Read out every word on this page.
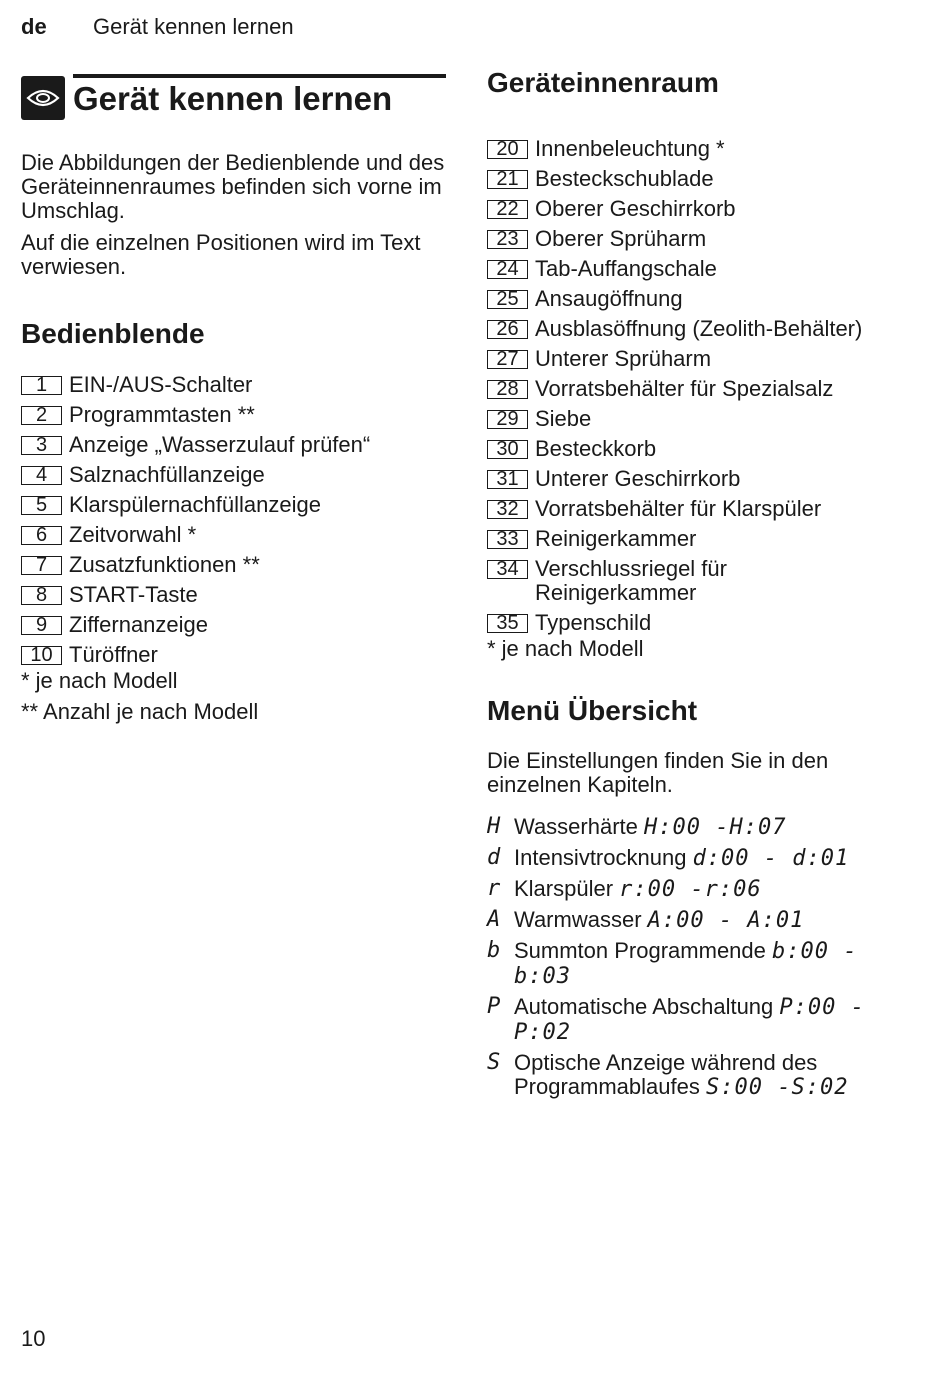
de Gerät kennen lernen
Gerät kennen lernen

Die Abbildungen der Bedienblende und des Geräteinnenraumes befinden sich vorne im Umschlag.

Auf die einzelnen Positionen wird im Text verwiesen.

Bedienblende
1 EIN-/AUS-Schalter
2 Programmtasten **
3 Anzeige „Wasserzulauf prüfen“
4 Salznachfüllanzeige
5 Klarspülernachfüllanzeige
6 Zeitvorwahl *
7 Zusatzfunktionen **
8 START-Taste
9 Ziffernanzeige
10 Türöffner
* je nach Modell
** Anzahl je nach Modell
Geräteinnenraum
20 Innenbeleuchtung *
21 Besteckschublade
22 Oberer Geschirrkorb
23 Oberer Sprüharm
24 Tab-Auffangschale
25 Ansaugöffnung
26 Ausblasöffnung (Zeolith-Behälter)
27 Unterer Sprüharm
28 Vorratsbehälter für Spezialsalz
29 Siebe
30 Besteckkorb
31 Unterer Geschirrkorb
32 Vorratsbehälter für Klarspüler
33 Reinigerkammer
34 Verschlussriegel für Reinigerkammer
35 Typenschild
* je nach Modell
Menü Übersicht

Die Einstellungen finden Sie in den einzelnen Kapiteln.

H Wasserhärte H:00 -H:07
d Intensivtrocknung d:00 - d:01
r Klarspüler r:00 -r:06
A Warmwasser A:00 - A:01
b Summton Programmende b:00 - b:03
P Automatische Abschaltung P:00 - P:02
S Optische Anzeige während des Programmablaufes S:00 -S:02
10
